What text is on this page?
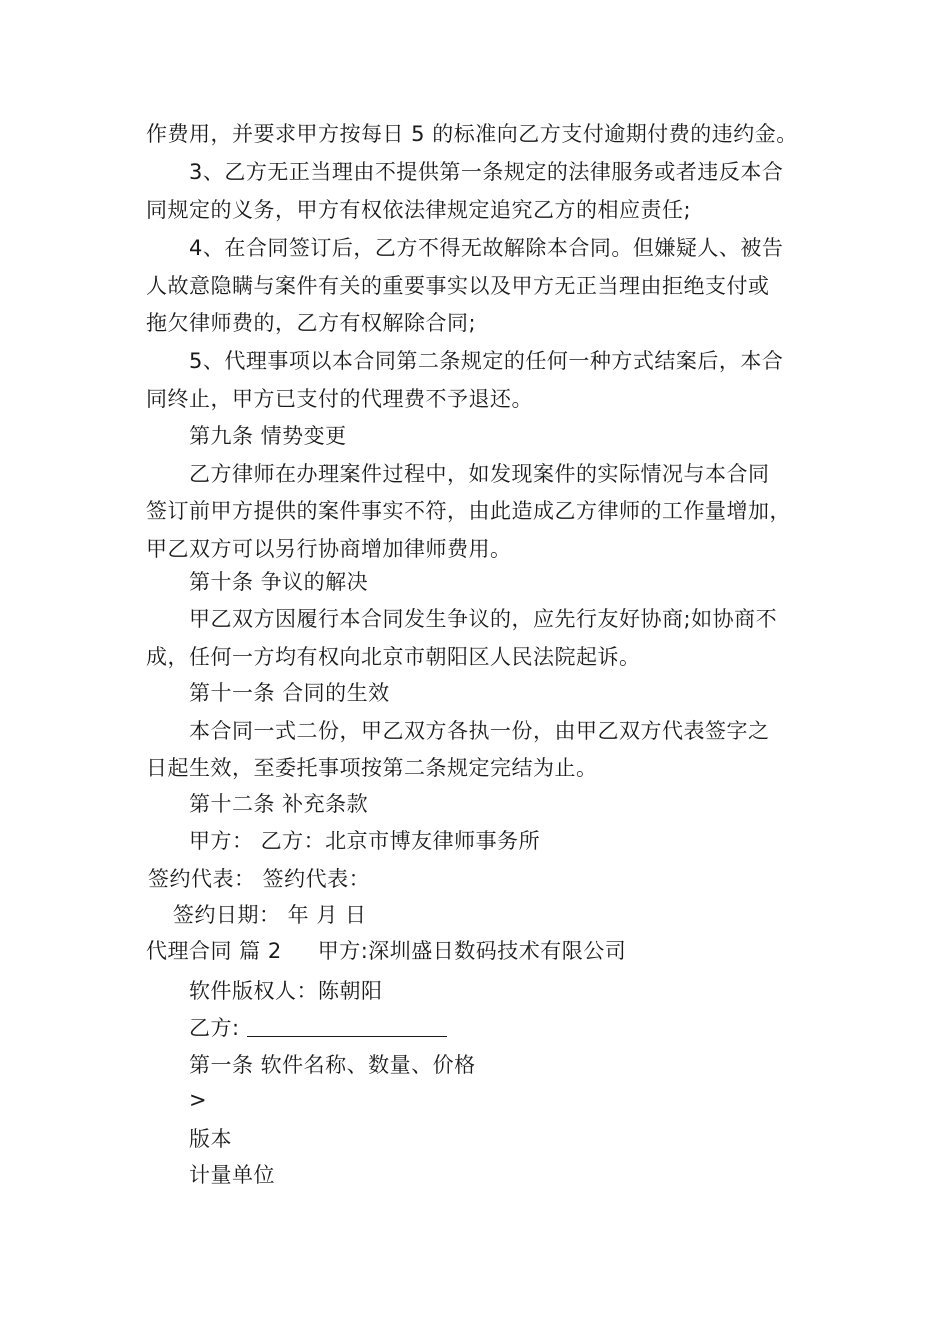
作费用，并要求甲方按每日 5 的标准向乙方支付逾期付费的违约金。
3、乙方无正当理由不提供第一条规定的法律服务或者违反本合
同规定的义务，甲方有权依法律规定追究乙方的相应责任;
4、在合同签订后，乙方不得无故解除本合同。但嫌疑人、被告
人故意隐瞒与案件有关的重要事实以及甲方无正当理由拒绝支付或
拖欠律师费的，乙方有权解除合同;
5、代理事项以本合同第二条规定的任何一种方式结案后，本合
同终止，甲方已支付的代理费不予退还。
第九条 情势变更
乙方律师在办理案件过程中，如发现案件的实际情况与本合同
签订前甲方提供的案件事实不符，由此造成乙方律师的工作量增加，
甲乙双方可以另行协商增加律师费用。
第十条 争议的解决
甲乙双方因履行本合同发生争议的，应先行友好协商;如协商不
成，任何一方均有权向北京市朝阳区人民法院起诉。
第十一条 合同的生效
本合同一式二份，甲乙双方各执一份，由甲乙双方代表签字之
日起生效，至委托事项按第二条规定完结为止。
第十二条 补充条款
甲方： 乙方：北京市博友律师事务所
签约代表： 签约代表：
签约日期： 年 月 日
代理合同 篇 2 甲方:深圳盛日数码技术有限公司
软件版权人：陈朝阳
乙方:
第一条 软件名称、数量、价格
>
版本
计量单位
